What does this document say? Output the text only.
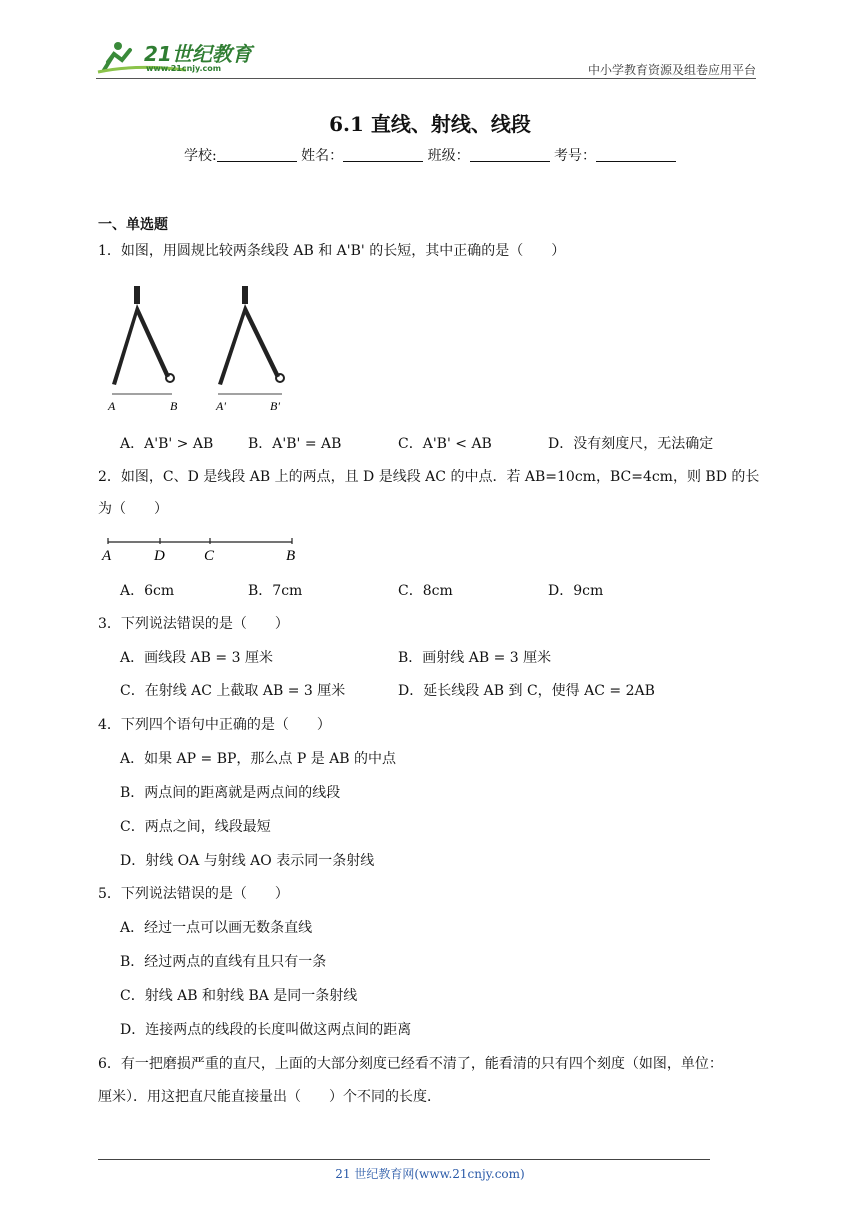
21世纪教育
www.21cnjy.com	中小学教育资源及组卷应用平台
6.1 直线、射线、线段
学校:	姓名：	班级：	考号：
一、单选题
1．如图，用圆规比较两条线段 AB 和 A'B' 的长短，其中正确的是（　　）
A	B	A'	B'
A．A'B' > AB B．A'B' = AB	C．A'B' < AB	D．没有刻度尺，无法确定
2．如图，C、D 是线段 AB 上的两点，且 D 是线段 AC 的中点．若 AB=10cm，BC=4cm，则 BD 的长
为（　　）
A	D	C	B
A．6cm	B．7cm	C．8cm	D．9cm
3．下列说法错误的是（　　）
A．画线段 AB = 3 厘米	B．画射线 AB = 3 厘米
C．在射线 AC 上截取 AB = 3 厘米	D．延长线段 AB 到 C，使得 AC = 2AB
4．下列四个语句中正确的是（　　）
A．如果 AP = BP，那么点 P 是 AB 的中点
B．两点间的距离就是两点间的线段
C．两点之间，线段最短
D．射线 OA 与射线 AO 表示同一条射线
5．下列说法错误的是（　　）
A．经过一点可以画无数条直线
B．经过两点的直线有且只有一条
C．射线 AB 和射线 BA 是同一条射线
D．连接两点的线段的长度叫做这两点间的距离
6．有一把磨损严重的直尺，上面的大部分刻度已经看不清了，能看清的只有四个刻度（如图，单位：
厘米）．用这把直尺能直接量出（　　）个不同的长度．
21 世纪教育网(www.21cnjy.com)
